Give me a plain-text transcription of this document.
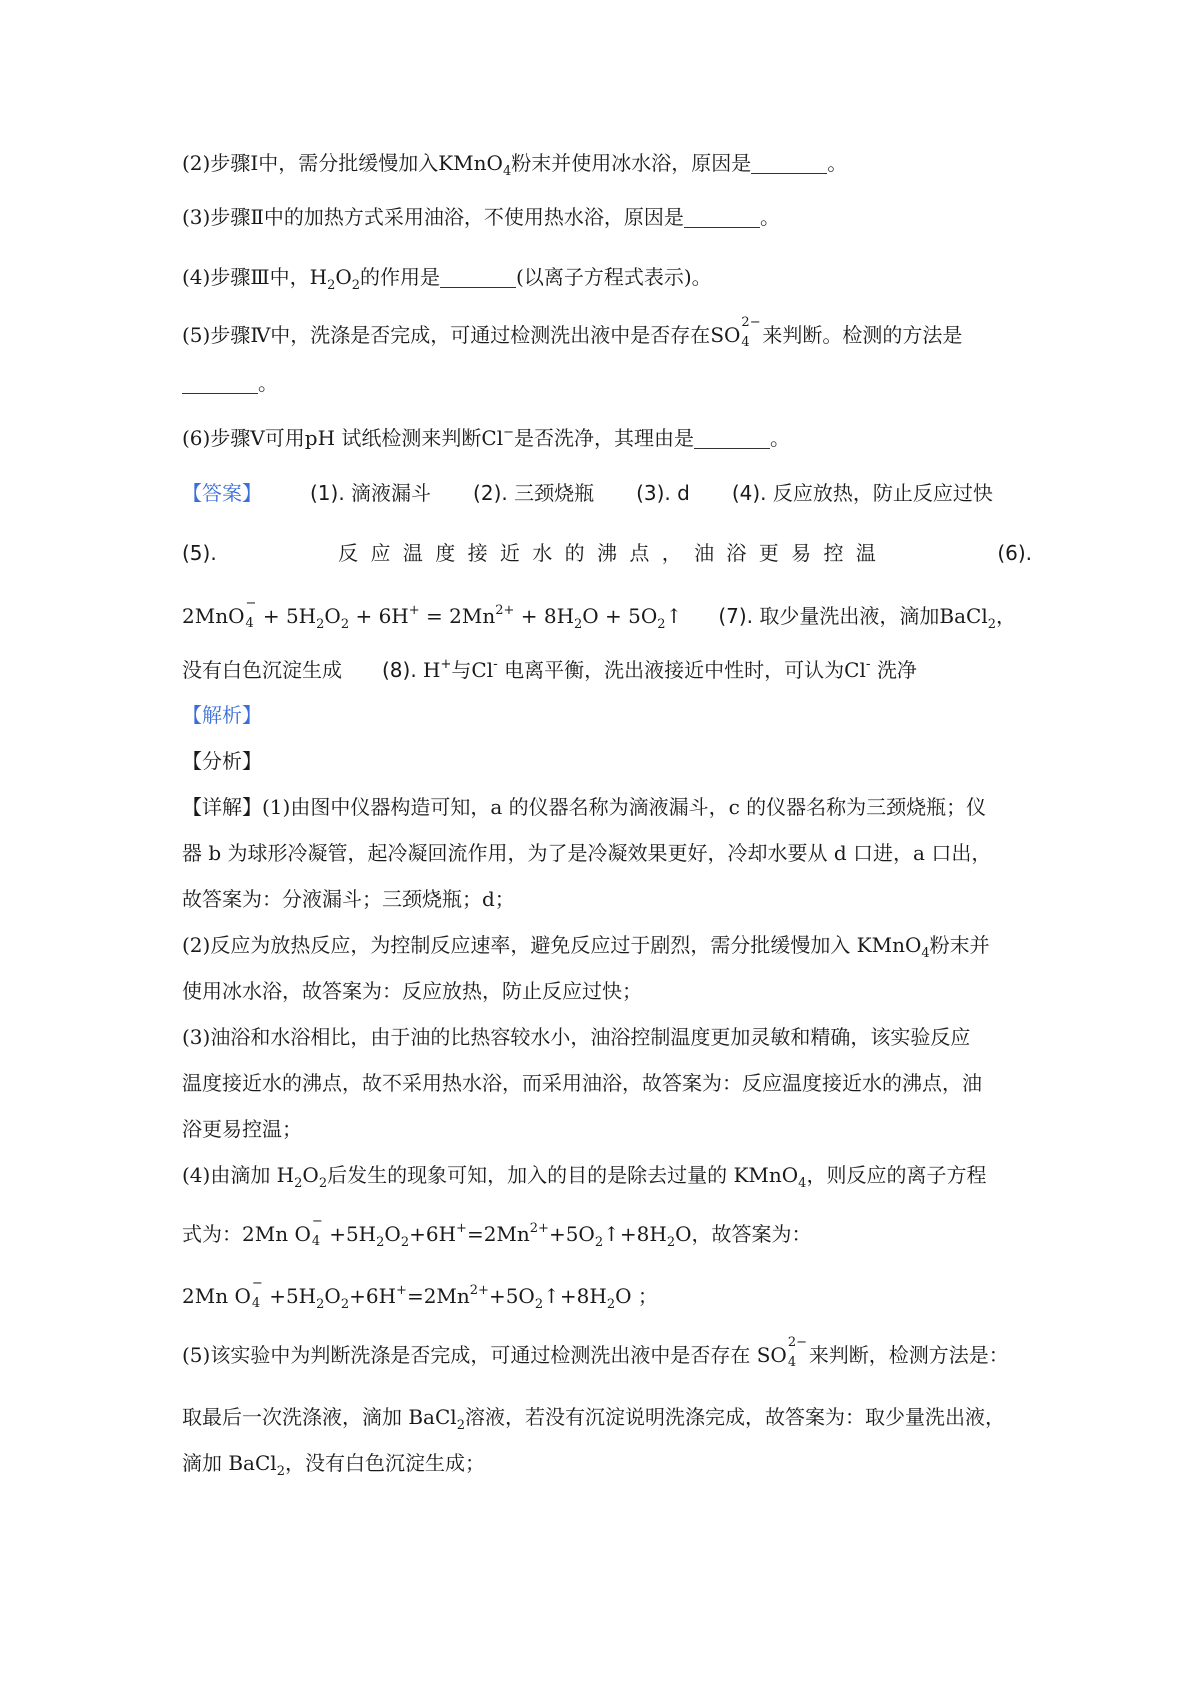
(2)步骤Ⅰ中，需分批缓慢加入KMnO$_4$粉末并使用冰水浴，原因是	。
(3)步骤Ⅱ中的加热方式采用油浴，不使用热水浴，原因是	。
(4)步骤Ⅲ中，$H_2O_2$的作用是	(以离子方程式表示)。
(5)步骤Ⅳ中，洗涤是否完成，可通过检测洗出液中是否存在SO 4
2−
来判断。检测的方法是
。
(6)步骤Ⅴ可用pH 试纸检测来判断Cl−是否洗净，其理由是	。
【答案】 (1). 滴液漏斗 (2). 三颈烧瓶 (3). d (4). 反应放热，防止反应过快
(5).	反 应 温 度 接 近 水 的 沸 点 ， 油 浴 更 易 控 温	(6).
2MnO 4
−
+ $5H_2O_2 + 6H^+ = 2Mn^{2+} + 8H_2O$ + $5O_2↑$ (7). 取少量洗出液，滴加BaCl$_2$，
没有白色沉淀生成 (8). H+与Cl- 电离平衡，洗出液接近中性时，可认为Cl- 洗净
【解析】
【分析】
【详解】(1)由图中仪器构造可知，a 的仪器名称为滴液漏斗，c 的仪器名称为三颈烧瓶；仪
器 b 为球形冷凝管，起冷凝回流作用，为了是冷凝效果更好，冷却水要从 d 口进，a 口出，
故答案为：分液漏斗；三颈烧瓶；d；
(2)反应为放热反应，为控制反应速率，避免反应过于剧烈，需分批缓慢加入 KMnO$_4$粉末并
使用冰水浴，故答案为：反应放热，防止反应过快；
(3)油浴和水浴相比，由于油的比热容较水小，油浴控制温度更加灵敏和精确，该实验反应
温度接近水的沸点，故不采用热水浴，而采用油浴，故答案为：反应温度接近水的沸点，油
浴更易控温；
(4)由滴加 $H_2O_2$后发生的现象可知，加入的目的是除去过量的 KMnO$_4$，则反应的离子方程
式为：2Mn O 4
−
$+5H_2O_2+6H^+=2Mn^{2+}+5O_2↑+8H_2O$，故答案为：
2Mn O 4
−
$+5H_2O_2+6H^+=2Mn^{2+}+5O_2↑+8H_2O$ ；
(5)该实验中为判断洗涤是否完成，可通过检测洗出液中是否存在 SO 4
2−
来判断，检测方法是：
取最后一次洗涤液，滴加 BaCl$_2$溶液，若没有沉淀说明洗涤完成，故答案为：取少量洗出液，
滴加 BaCl$_2$，没有白色沉淀生成；
